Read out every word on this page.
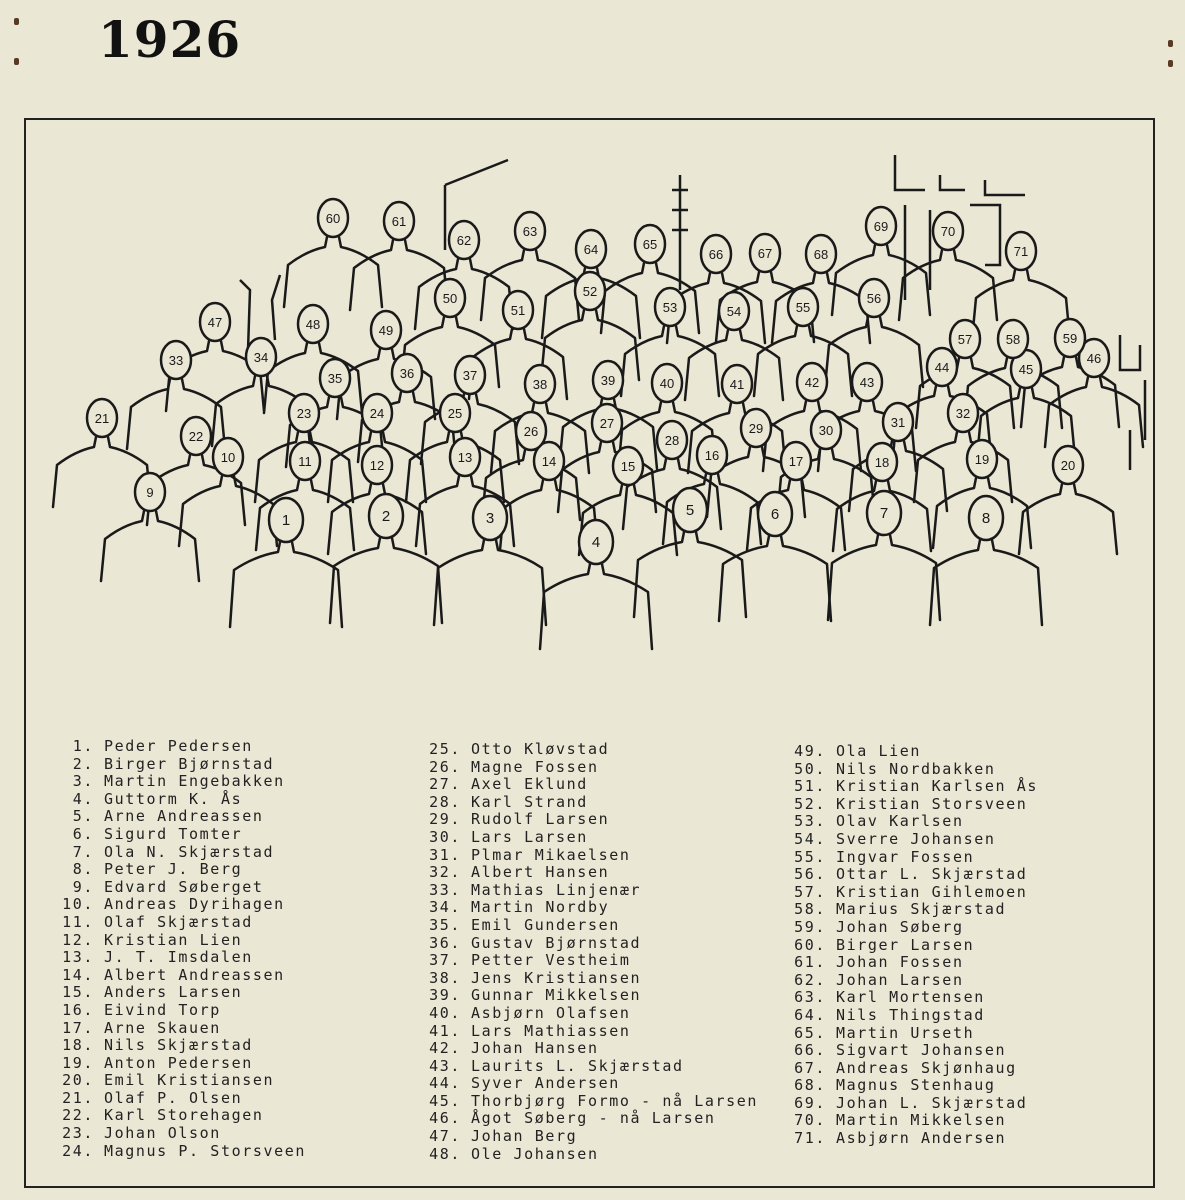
1926
1	2	3
4
5	6	7	8
9
10	11	12
13	14	15
16	17	18	19	20
21
22
23	24	25
26
27
28
29	30
31
32
33	34
35	36	37
38	39	40	41	42	43
44	45
46
47	48	49
50
51
52
53	54	55
56
57	58	59
60	61
62
63
64	65
66	67	68
69	70
71
1. Peder Pedersen
2. Birger Bjørnstad
3. Martin Engebakken
4. Guttorm K. Ås
5. Arne Andreassen
6. Sigurd Tomter
7. Ola N. Skjærstad
8. Peter J. Berg
9. Edvard Søberget
10. Andreas Dyrihagen
11. Olaf Skjærstad
12. Kristian Lien
13. J. T. Imsdalen
14. Albert Andreassen
15. Anders Larsen
16. Eivind Torp
17. Arne Skauen
18. Nils Skjærstad
19. Anton Pedersen
20. Emil Kristiansen
21. Olaf P. Olsen
22. Karl Storehagen
23. Johan Olson
24. Magnus P. Storsveen
25. Otto Kløvstad
26. Magne Fossen
27. Axel Eklund
28. Karl Strand
29. Rudolf Larsen
30. Lars Larsen
31. Plmar Mikaelsen
32. Albert Hansen
33. Mathias Linjenær
34. Martin Nordby
35. Emil Gundersen
36. Gustav Bjørnstad
37. Petter Vestheim
38. Jens Kristiansen
39. Gunnar Mikkelsen
40. Asbjørn Olafsen
41. Lars Mathiassen
42. Johan Hansen
43. Laurits L. Skjærstad
44. Syver Andersen
45. Thorbjørg Formo - nå Larsen
46. Ågot Søberg - nå Larsen
47. Johan Berg
48. Ole Johansen
49. Ola Lien
50. Nils Nordbakken
51. Kristian Karlsen Ås
52. Kristian Storsveen
53. Olav Karlsen
54. Sverre Johansen
55. Ingvar Fossen
56. Ottar L. Skjærstad
57. Kristian Gihlemoen
58. Marius Skjærstad
59. Johan Søberg
60. Birger Larsen
61. Johan Fossen
62. Johan Larsen
63. Karl Mortensen
64. Nils Thingstad
65. Martin Urseth
66. Sigvart Johansen
67. Andreas Skjønhaug
68. Magnus Stenhaug
69. Johan L. Skjærstad
70. Martin Mikkelsen
71. Asbjørn Andersen
